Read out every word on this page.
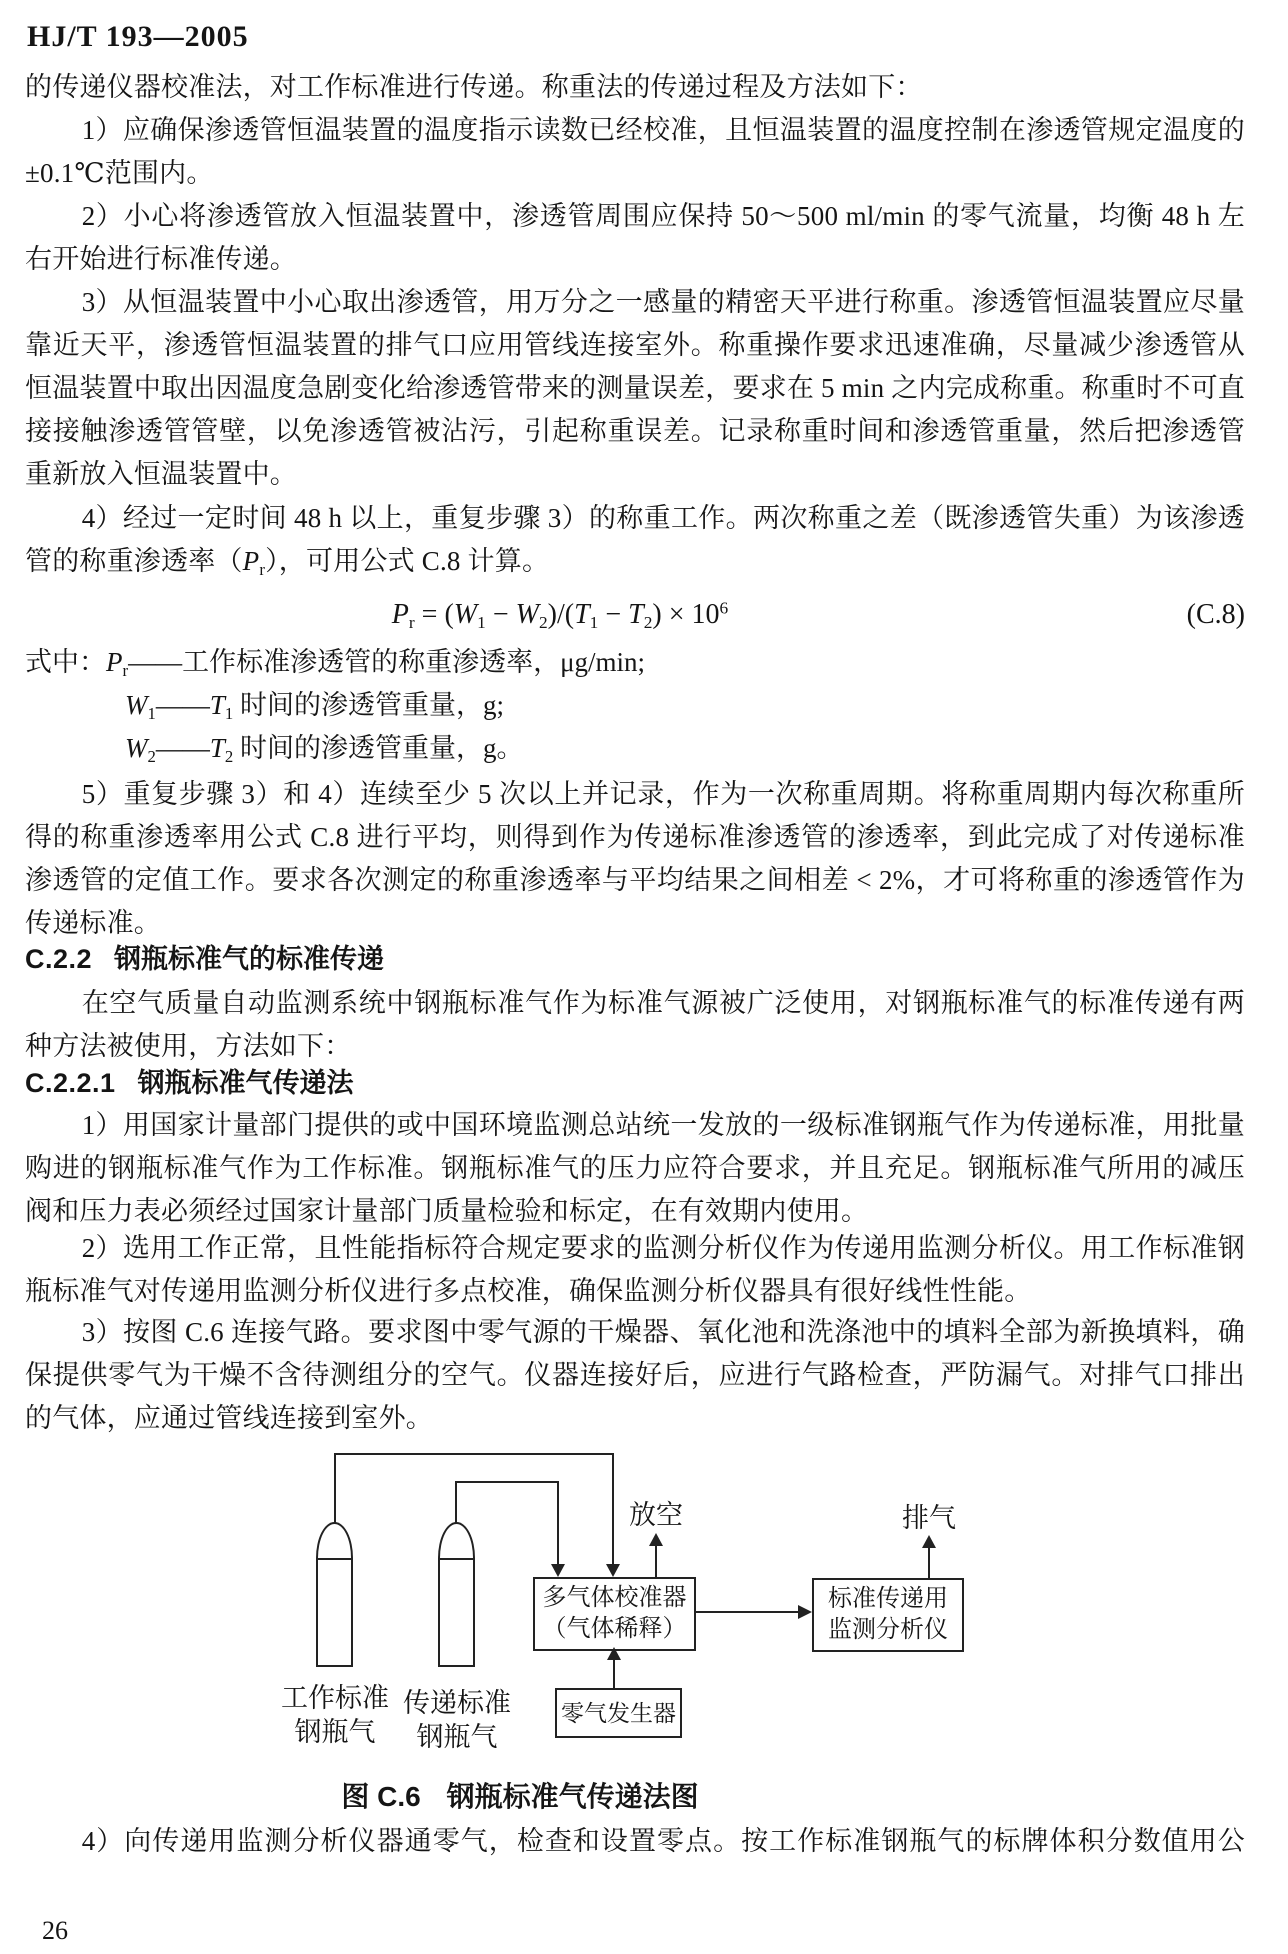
HJ/T 193—2005
的传递仪器校准法，对工作标准进行传递。称重法的传递过程及方法如下：
1）应确保渗透管恒温装置的温度指示读数已经校准，且恒温装置的温度控制在渗透管规定温度的 ±0.1℃范围内。
2）小心将渗透管放入恒温装置中，渗透管周围应保持 50～500 ml/min 的零气流量，均衡 48 h 左右开始进行标准传递。
3）从恒温装置中小心取出渗透管，用万分之一感量的精密天平进行称重。渗透管恒温装置应尽量靠近天平，渗透管恒温装置的排气口应用管线连接室外。称重操作要求迅速准确，尽量减少渗透管从恒温装置中取出因温度急剧变化给渗透管带来的测量误差，要求在 5 min 之内完成称重。称重时不可直接接触渗透管管壁，以免渗透管被沾污，引起称重误差。记录称重时间和渗透管重量，然后把渗透管重新放入恒温装置中。
4）经过一定时间 48 h 以上，重复步骤 3）的称重工作。两次称重之差（既渗透管失重）为该渗透管的称重渗透率$(P_r)$，可用公式 C.8 计算。
$P_r = (W_1 - W_2)/(T_1 - T_2) \times 10^6$	(C.8)
式中：$P_r——$工作标准渗透管的称重渗透率，μg/min;
$W_1——T_1$ 时间的渗透管重量，g;
$W_2——T_2$ 时间的渗透管重量，g。
5）重复步骤 3）和 4）连续至少 5 次以上并记录，作为一次称重周期。将称重周期内每次称重所得的称重渗透率用公式 C.8 进行平均，则得到作为传递标准渗透管的渗透率，到此完成了对传递标准渗透管的定值工作。要求各次测定的称重渗透率与平均结果之间相差 < 2%，才可将称重的渗透管作为传递标准。
C.2.2 钢瓶标准气的标准传递
在空气质量自动监测系统中钢瓶标准气作为标准气源被广泛使用，对钢瓶标准气的标准传递有两种方法被使用，方法如下：
C.2.2.1 钢瓶标准气传递法
1）用国家计量部门提供的或中国环境监测总站统一发放的一级标准钢瓶气作为传递标准，用批量购进的钢瓶标准气作为工作标准。钢瓶标准气的压力应符合要求，并且充足。钢瓶标准气所用的减压阀和压力表必须经过国家计量部门质量检验和标定，在有效期内使用。
2）选用工作正常，且性能指标符合规定要求的监测分析仪作为传递用监测分析仪。用工作标准钢瓶标准气对传递用监测分析仪进行多点校准，确保监测分析仪器具有很好线性性能。
3）按图 C.6 连接气路。要求图中零气源的干燥器、氧化池和洗涤池中的填料全部为新换填料，确保提供零气为干燥不含待测组分的空气。仪器连接好后，应进行气路检查，严防漏气。对排气口排出的气体，应通过管线连接到室外。
放空
多气体校准器
（气体稀释）
零气发生器
标准传递用
监测分析仪
排气
工作标准
钢瓶气
传递标准
钢瓶气
图 C.6 钢瓶标准气传递法图
4）向传递用监测分析仪器通零气，检查和设置零点。按工作标准钢瓶气的标牌体积分数值用公
26
